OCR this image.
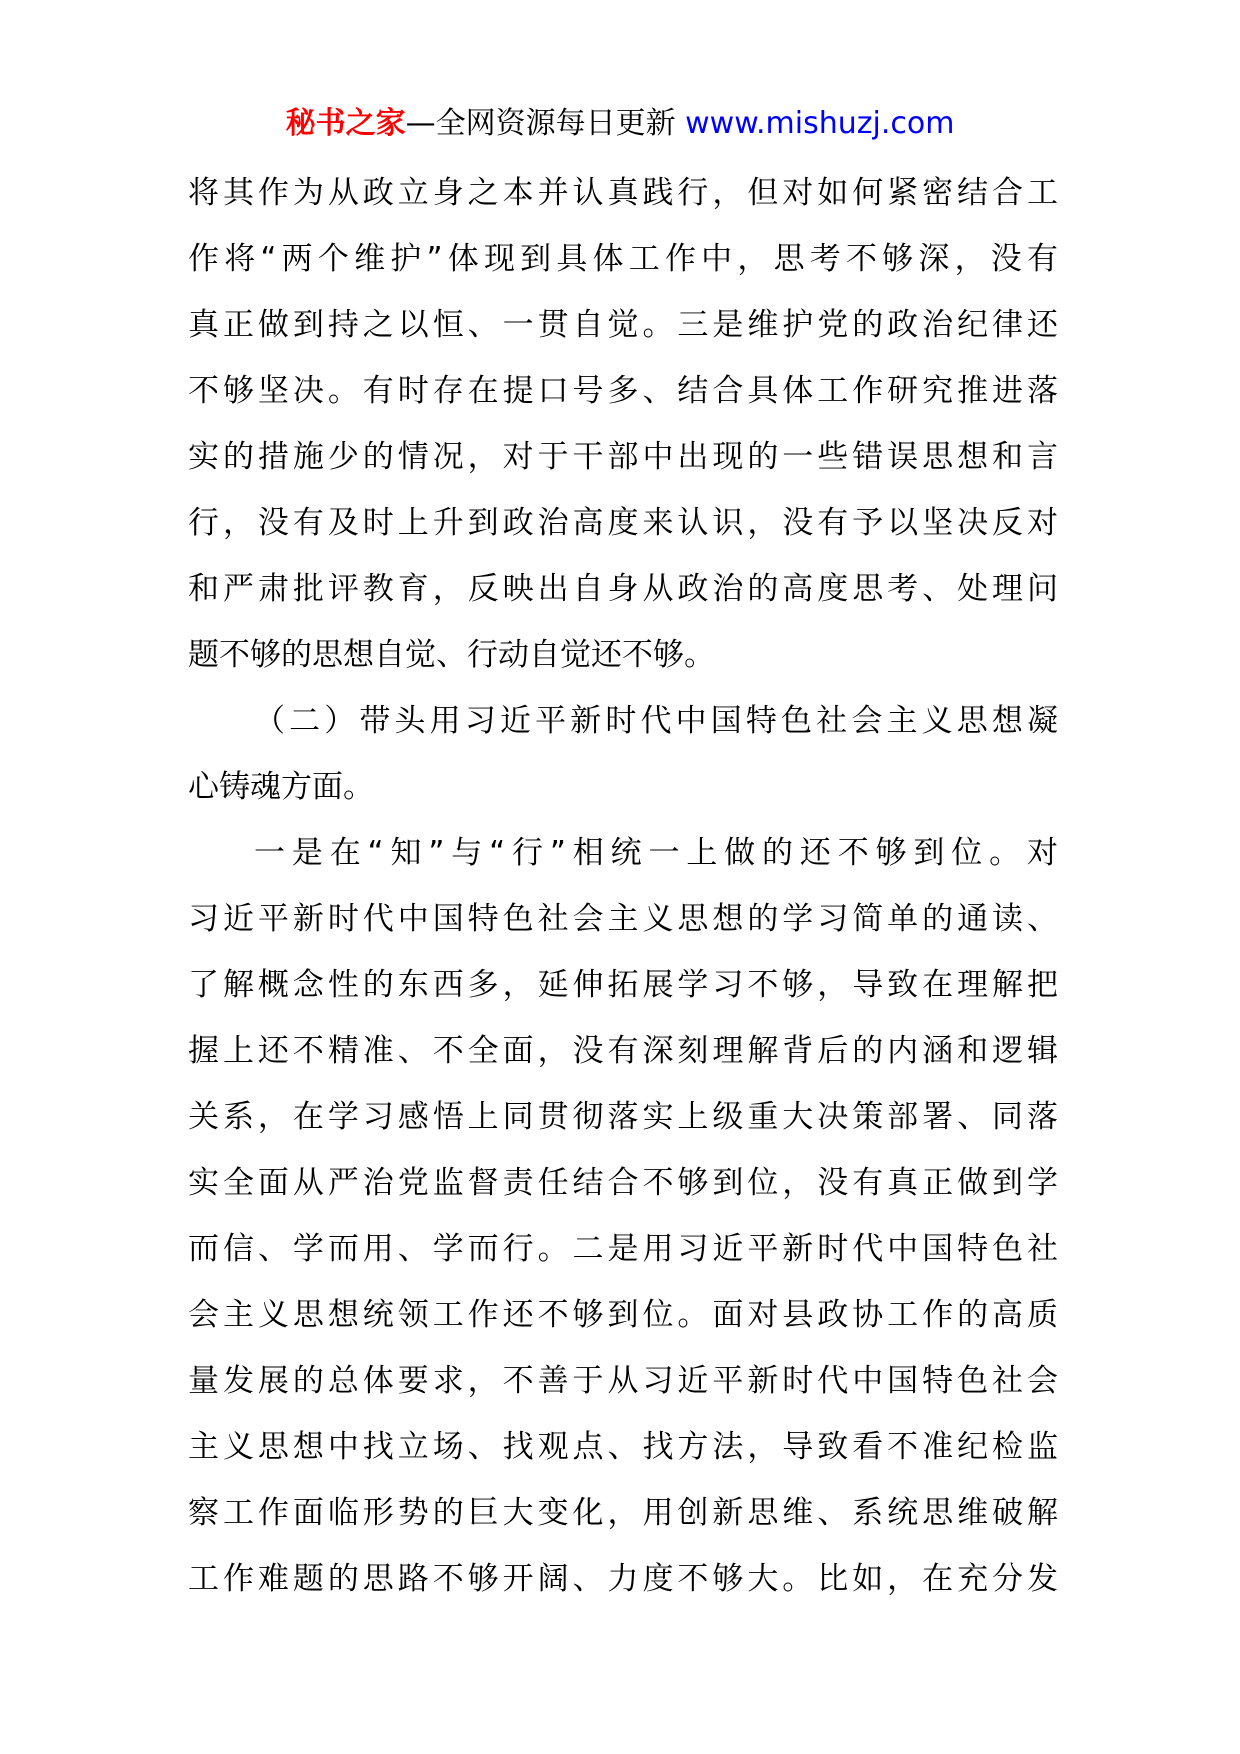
秘书之家—全网资源每日更新 www.mishuzj.com
将其作为从政立身之本并认真践行，但对如何紧密结合工
作将“两个维护”体现到具体工作中，思考不够深，没有
真正做到持之以恒、一贯自觉。三是维护党的政治纪律还
不够坚决。有时存在提口号多、结合具体工作研究推进落
实的措施少的情况，对于干部中出现的一些错误思想和言
行，没有及时上升到政治高度来认识，没有予以坚决反对
和严肃批评教育，反映出自身从政治的高度思考、处理问
题不够的思想自觉、行动自觉还不够。
（二）带头用习近平新时代中国特色社会主义思想凝
心铸魂方面。
一是在“知”与“行”相统一上做的还不够到位。对
习近平新时代中国特色社会主义思想的学习简单的通读、
了解概念性的东西多，延伸拓展学习不够，导致在理解把
握上还不精准、不全面，没有深刻理解背后的内涵和逻辑
关系，在学习感悟上同贯彻落实上级重大决策部署、同落
实全面从严治党监督责任结合不够到位，没有真正做到学
而信、学而用、学而行。二是用习近平新时代中国特色社
会主义思想统领工作还不够到位。面对县政协工作的高质
量发展的总体要求，不善于从习近平新时代中国特色社会
主义思想中找立场、找观点、找方法，导致看不准纪检监
察工作面临形势的巨大变化，用创新思维、系统思维破解
工作难题的思路不够开阔、力度不够大。比如，在充分发
